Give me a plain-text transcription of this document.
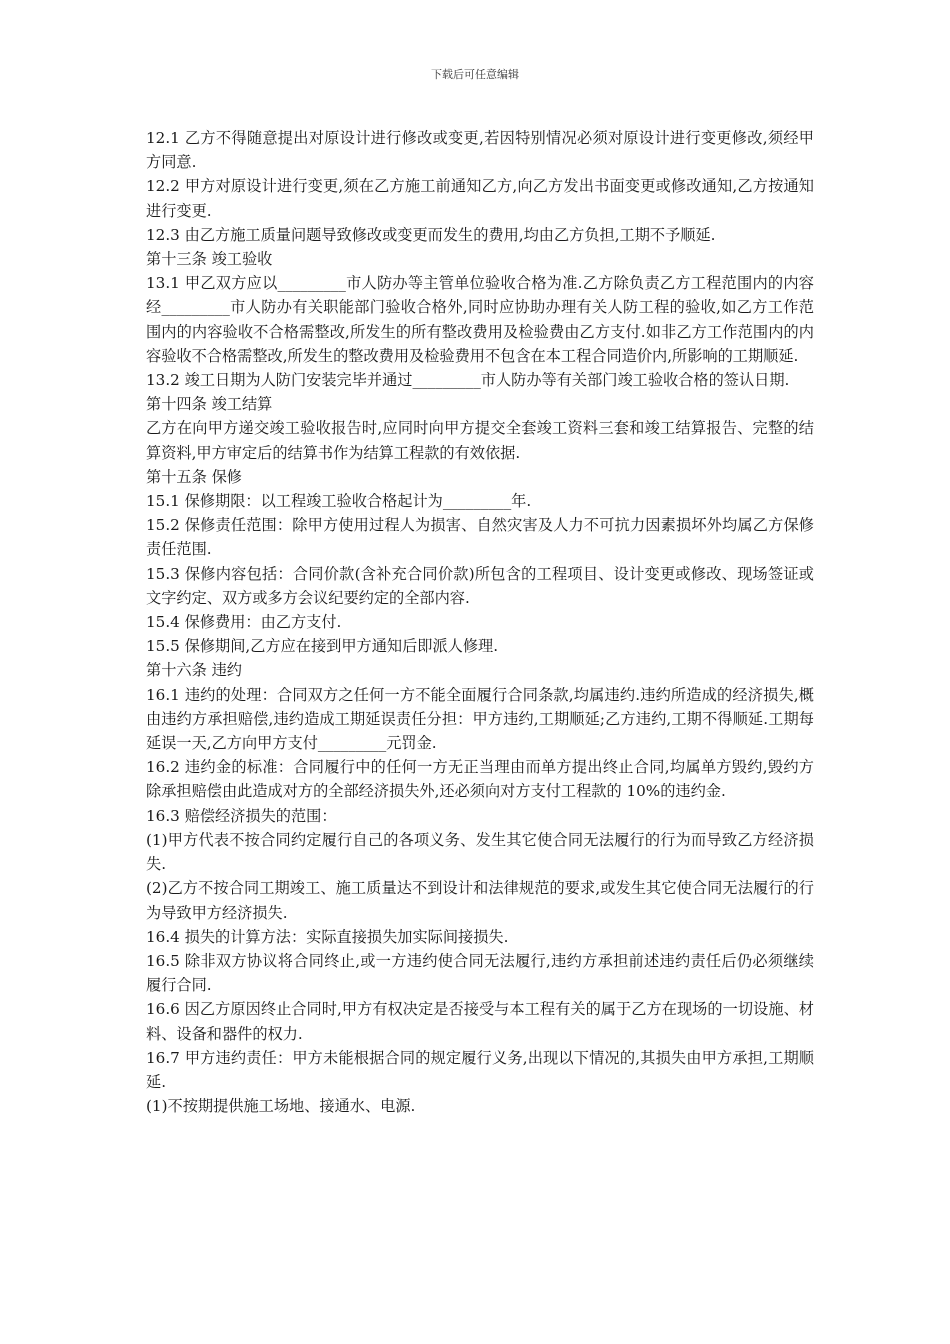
下载后可任意编辑

12.1 乙方不得随意提出对原设计进行修改或变更,若因特别情况必须对原设计进行变更修改,须经甲方同意.

12.2 甲方对原设计进行变更,须在乙方施工前通知乙方,向乙方发出书面变更或修改通知,乙方按通知进行变更.

12.3 由乙方施工质量问题导致修改或变更而发生的费用,均由乙方负担,工期不予顺延.

第十三条 竣工验收

13.1 甲乙双方应以_________市人防办等主管单位验收合格为准.乙方除负责乙方工程范围内的内容经_________市人防办有关职能部门验收合格外,同时应协助办理有关人防工程的验收,如乙方工作范围内的内容验收不合格需整改,所发生的所有整改费用及检验费由乙方支付.如非乙方工作范围内的内容验收不合格需整改,所发生的整改费用及检验费用不包含在本工程合同造价内,所影响的工期顺延.

13.2 竣工日期为人防门安装完毕并通过_________市人防办等有关部门竣工验收合格的签认日期.

第十四条 竣工结算

乙方在向甲方递交竣工验收报告时,应同时向甲方提交全套竣工资料三套和竣工结算报告、完整的结算资料,甲方审定后的结算书作为结算工程款的有效依据.

第十五条 保修

15.1 保修期限：以工程竣工验收合格起计为_________年.

15.2 保修责任范围：除甲方使用过程人为损害、自然灾害及人力不可抗力因素损坏外均属乙方保修责任范围.

15.3 保修内容包括：合同价款(含补充合同价款)所包含的工程项目、设计变更或修改、现场签证或文字约定、双方或多方会议纪要约定的全部内容.

15.4 保修费用：由乙方支付.

15.5 保修期间,乙方应在接到甲方通知后即派人修理.

第十六条 违约

16.1 违约的处理：合同双方之任何一方不能全面履行合同条款,均属违约.违约所造成的经济损失,概由违约方承担赔偿,违约造成工期延误责任分担：甲方违约,工期顺延;乙方违约,工期不得顺延.工期每延误一天,乙方向甲方支付_________元罚金.

16.2 违约金的标准：合同履行中的任何一方无正当理由而单方提出终止合同,均属单方毁约,毁约方除承担赔偿由此造成对方的全部经济损失外,还必须向对方支付工程款的 10%的违约金.

16.3 赔偿经济损失的范围：

(1)甲方代表不按合同约定履行自己的各项义务、发生其它使合同无法履行的行为而导致乙方经济损失.

(2)乙方不按合同工期竣工、施工质量达不到设计和法律规范的要求,或发生其它使合同无法履行的行为导致甲方经济损失.

16.4 损失的计算方法：实际直接损失加实际间接损失.

16.5 除非双方协议将合同终止,或一方违约使合同无法履行,违约方承担前述违约责任后仍必须继续履行合同.

16.6 因乙方原因终止合同时,甲方有权决定是否接受与本工程有关的属于乙方在现场的一切设施、材料、设备和器件的权力.

16.7 甲方违约责任：甲方未能根据合同的规定履行义务,出现以下情况的,其损失由甲方承担,工期顺延.

(1)不按期提供施工场地、接通水、电源.
